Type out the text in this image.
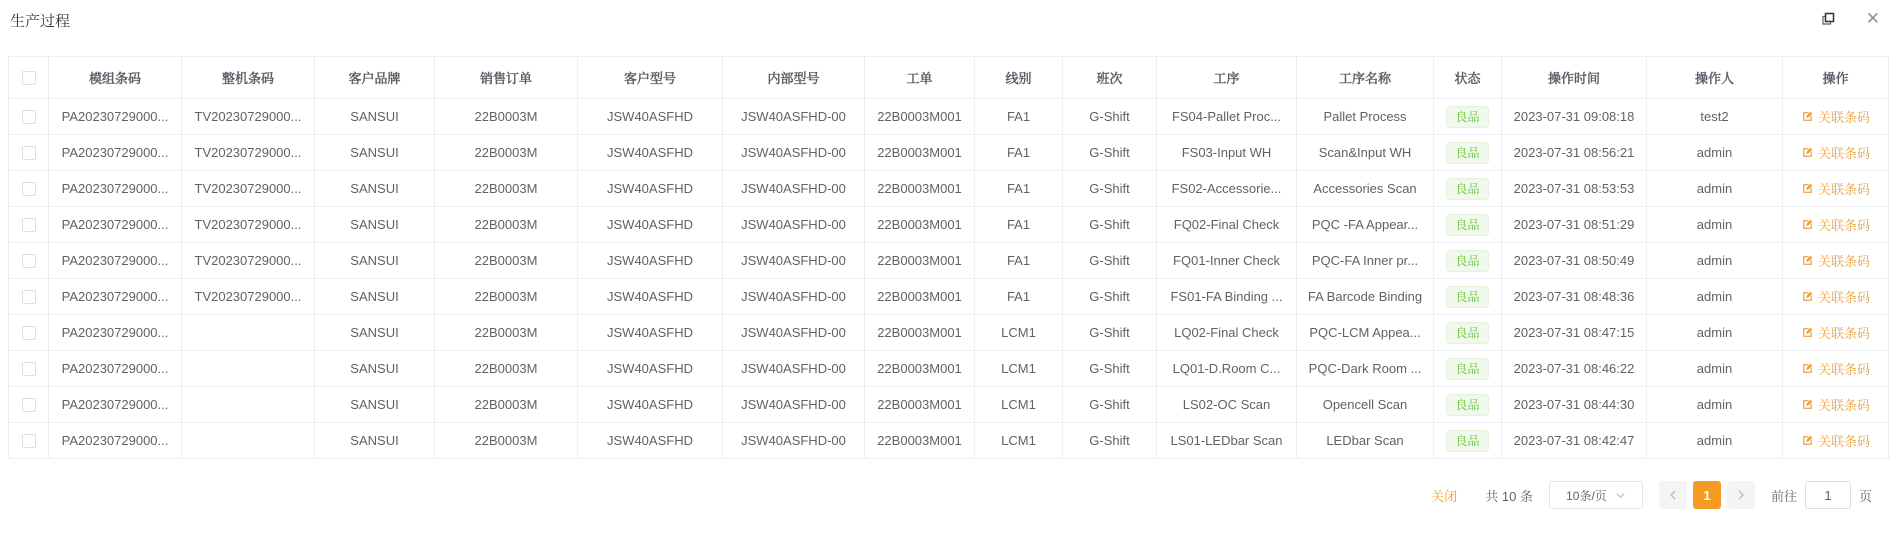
生产过程	✕
	模组条码	整机条码	客户品牌	销售订单	客户型号	内部型号	工单	线别	班次	工序	工序名称	状态	操作时间	操作人	操作
	PA20230729000...	TV20230729000...	SANSUI	22B0003M	JSW40ASFHD	JSW40ASFHD-00	22B0003M001	FA1	G-Shift	FS04-Pallet Proc...	Pallet Process	良品	2023-07-31 09:08:18	test2	关联条码

	PA20230729000...	TV20230729000...	SANSUI	22B0003M	JSW40ASFHD	JSW40ASFHD-00	22B0003M001	FA1	G-Shift	FS03-Input WH	Scan&Input WH	良品	2023-07-31 08:56:21	admin	关联条码

	PA20230729000...	TV20230729000...	SANSUI	22B0003M	JSW40ASFHD	JSW40ASFHD-00	22B0003M001	FA1	G-Shift	FS02-Accessorie...	Accessories Scan	良品	2023-07-31 08:53:53	admin	关联条码

	PA20230729000...	TV20230729000...	SANSUI	22B0003M	JSW40ASFHD	JSW40ASFHD-00	22B0003M001	FA1	G-Shift	FQ02-Final Check	PQC -FA Appear...	良品	2023-07-31 08:51:29	admin	关联条码

	PA20230729000...	TV20230729000...	SANSUI	22B0003M	JSW40ASFHD	JSW40ASFHD-00	22B0003M001	FA1	G-Shift	FQ01-Inner Check	PQC-FA Inner pr...	良品	2023-07-31 08:50:49	admin	关联条码

	PA20230729000...	TV20230729000...	SANSUI	22B0003M	JSW40ASFHD	JSW40ASFHD-00	22B0003M001	FA1	G-Shift	FS01-FA Binding ...	FA Barcode Binding	良品	2023-07-31 08:48:36	admin	关联条码

	PA20230729000...		SANSUI	22B0003M	JSW40ASFHD	JSW40ASFHD-00	22B0003M001	LCM1	G-Shift	LQ02-Final Check	PQC-LCM Appea...	良品	2023-07-31 08:47:15	admin	关联条码

	PA20230729000...		SANSUI	22B0003M	JSW40ASFHD	JSW40ASFHD-00	22B0003M001	LCM1	G-Shift	LQ01-D.Room C...	PQC-Dark Room ...	良品	2023-07-31 08:46:22	admin	关联条码

	PA20230729000...		SANSUI	22B0003M	JSW40ASFHD	JSW40ASFHD-00	22B0003M001	LCM1	G-Shift	LS02-OC Scan	Opencell Scan	良品	2023-07-31 08:44:30	admin	关联条码

	PA20230729000...		SANSUI	22B0003M	JSW40ASFHD	JSW40ASFHD-00	22B0003M001	LCM1	G-Shift	LS01-LEDbar Scan	LEDbar Scan	良品	2023-07-31 08:42:47	admin	关联条码
关闭 共 10 条	10条/页	1	前往
1	页
